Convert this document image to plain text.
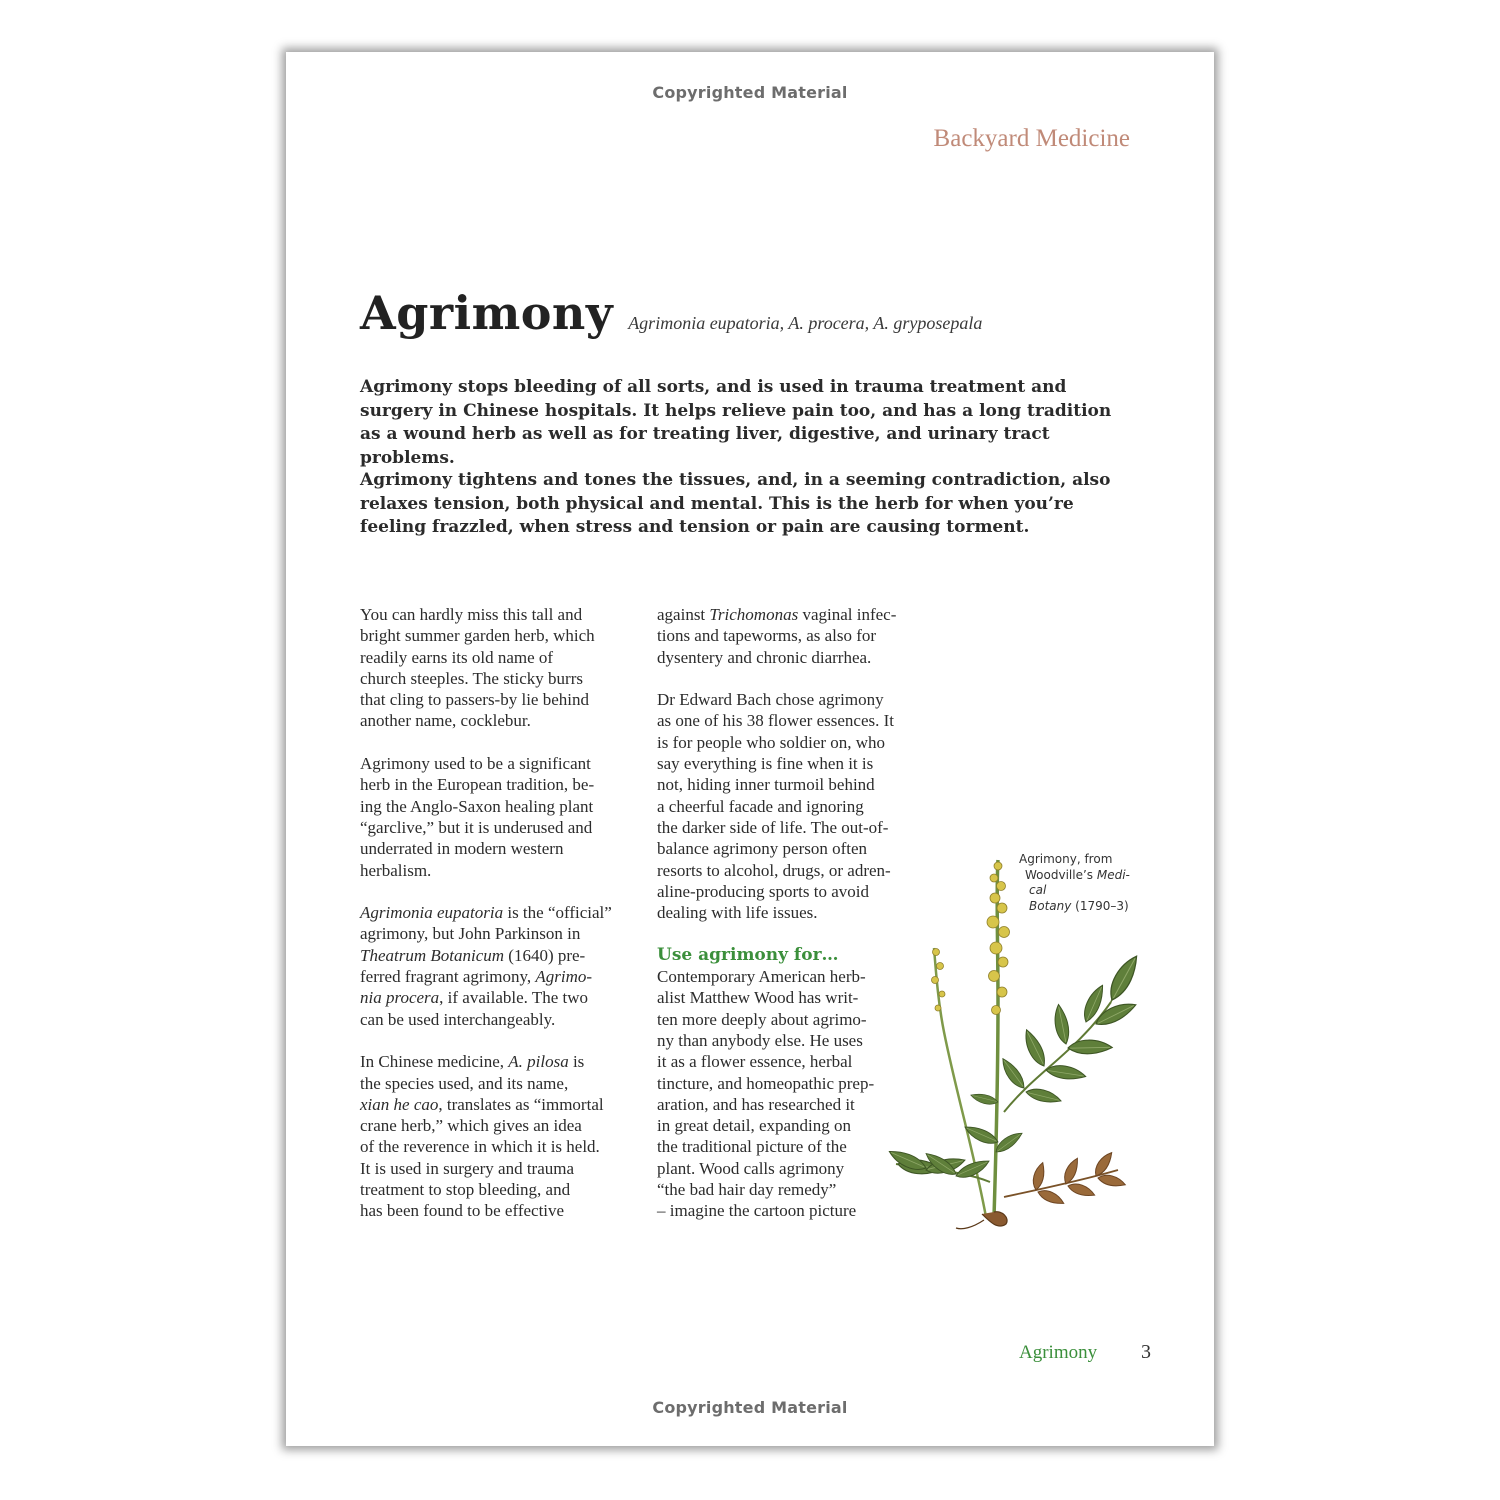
Copyrighted Material
Backyard Medicine
Agrimony Agrimonia eupatoria, A. procera, A. gryposepala

Agrimony stops bleeding of all sorts, and is used in trauma treatment and surgery in Chinese hospitals. It helps relieve pain too, and has a long tradition as a wound herb as well as for treating liver, digestive, and urinary tract problems.

Agrimony tightens and tones the tissues, and, in a seeming contradiction, also relaxes tension, both physical and mental. This is the herb for when you’re feeling frazzled, when stress and tension or pain are causing torment.

You can hardly miss this tall and
bright summer garden herb, which
readily earns its old name of
church steeples. The sticky burrs
that cling to passers-by lie behind
another name, cocklebur.

Agrimony used to be a significant
herb in the European tradition, be-
ing the Anglo-Saxon healing plant
“garclive,” but it is underused and
underrated in modern western
herbalism.

Agrimonia eupatoria is the “official”
agrimony, but John Parkinson in
Theatrum Botanicum (1640) pre-
ferred fragrant agrimony, Agrimo-
nia procera, if available. The two
can be used interchangeably.

In Chinese medicine, A. pilosa is
the species used, and its name,
xian he cao, translates as “immortal
crane herb,” which gives an idea
of the reverence in which it is held.
It is used in surgery and trauma
treatment to stop bleeding, and
has been found to be effective

against Trichomonas vaginal infec-
tions and tapeworms, as also for
dysentery and chronic diarrhea.

Dr Edward Bach chose agrimony
as one of his 38 flower essences. It
is for people who soldier on, who
say everything is fine when it is
not, hiding inner turmoil behind
a cheerful facade and ignoring
the darker side of life. The out-of-
balance agrimony person often
resorts to alcohol, drugs, or adren-
aline-producing sports to avoid
dealing with life issues.

Use agrimony for…
Contemporary American herb-
alist Matthew Wood has writ-
ten more deeply about agrimo-
ny than anybody else. He uses
it as a flower essence, herbal
tincture, and homeopathic prep-
aration, and has researched it
in great detail, expanding on
the traditional picture of the
plant. Wood calls agrimony
“the bad hair day remedy”
– imagine the cartoon picture

Agrimony, from
Woodville’s Medi-
cal
Botany (1790–3)
Agrimony 3
Copyrighted Material
